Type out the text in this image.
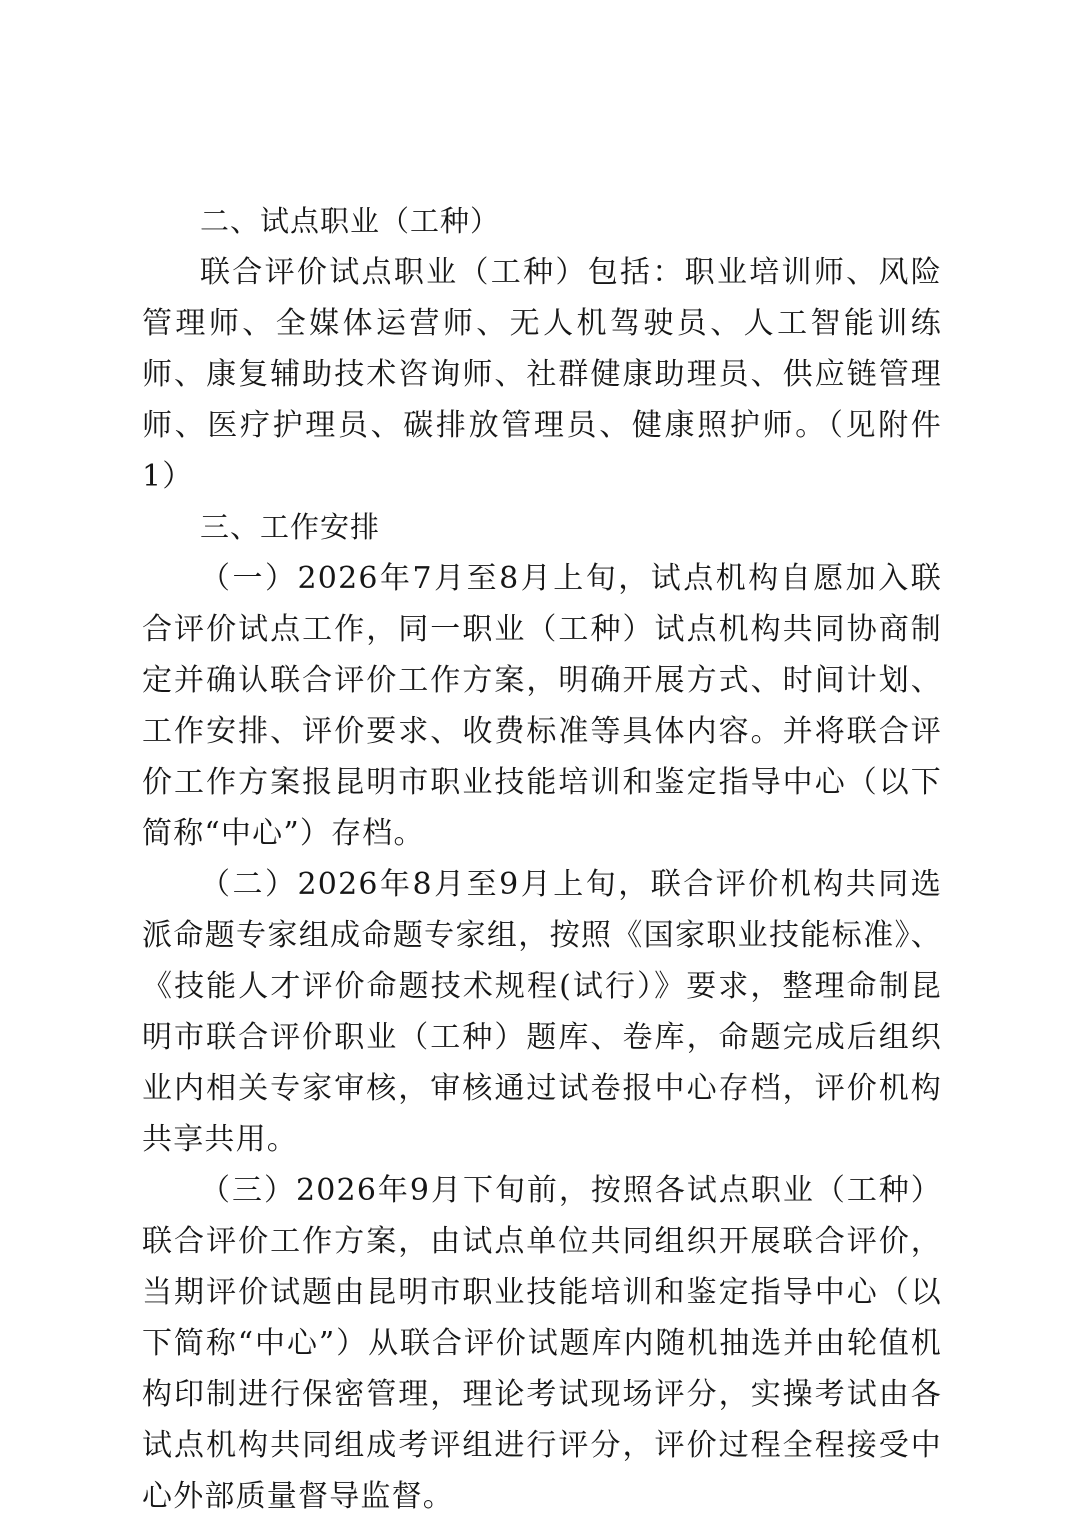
二、试点职业（工种）

联合评价试点职业（工种）包括：职业培训师、风险管理师、全媒体运营师、无人机驾驶员、人工智能训练师、康复辅助技术咨询师、社群健康助理员、供应链管理师、医疗护理员、碳排放管理员、健康照护师。（见附件1）

三、工作安排

（一）2026年7月至8月上旬，试点机构自愿加入联合评价试点工作，同一职业（工种）试点机构共同协商制定并确认联合评价工作方案，明确开展方式、时间计划、工作安排、评价要求、收费标准等具体内容。并将联合评价工作方案报昆明市职业技能培训和鉴定指导中心（以下简称“中心”）存档。

（二）2026年8月至9月上旬，联合评价机构共同选派命题专家组成命题专家组，按照《国家职业技能标准》、《技能人才评价命题技术规程(试行）》要求，整理命制昆明市联合评价职业（工种）题库、卷库，命题完成后组织业内相关专家审核，审核通过试卷报中心存档，评价机构共享共用。

（三）2026年9月下旬前，按照各试点职业（工种）联合评价工作方案，由试点单位共同组织开展联合评价，当期评价试题由昆明市职业技能培训和鉴定指导中心（以下简称“中心”）从联合评价试题库内随机抽选并由轮值机构印制进行保密管理，理论考试现场评分，实操考试由各试点机构共同组成考评组进行评分，评价过程全程接受中心外部质量督导监督。
